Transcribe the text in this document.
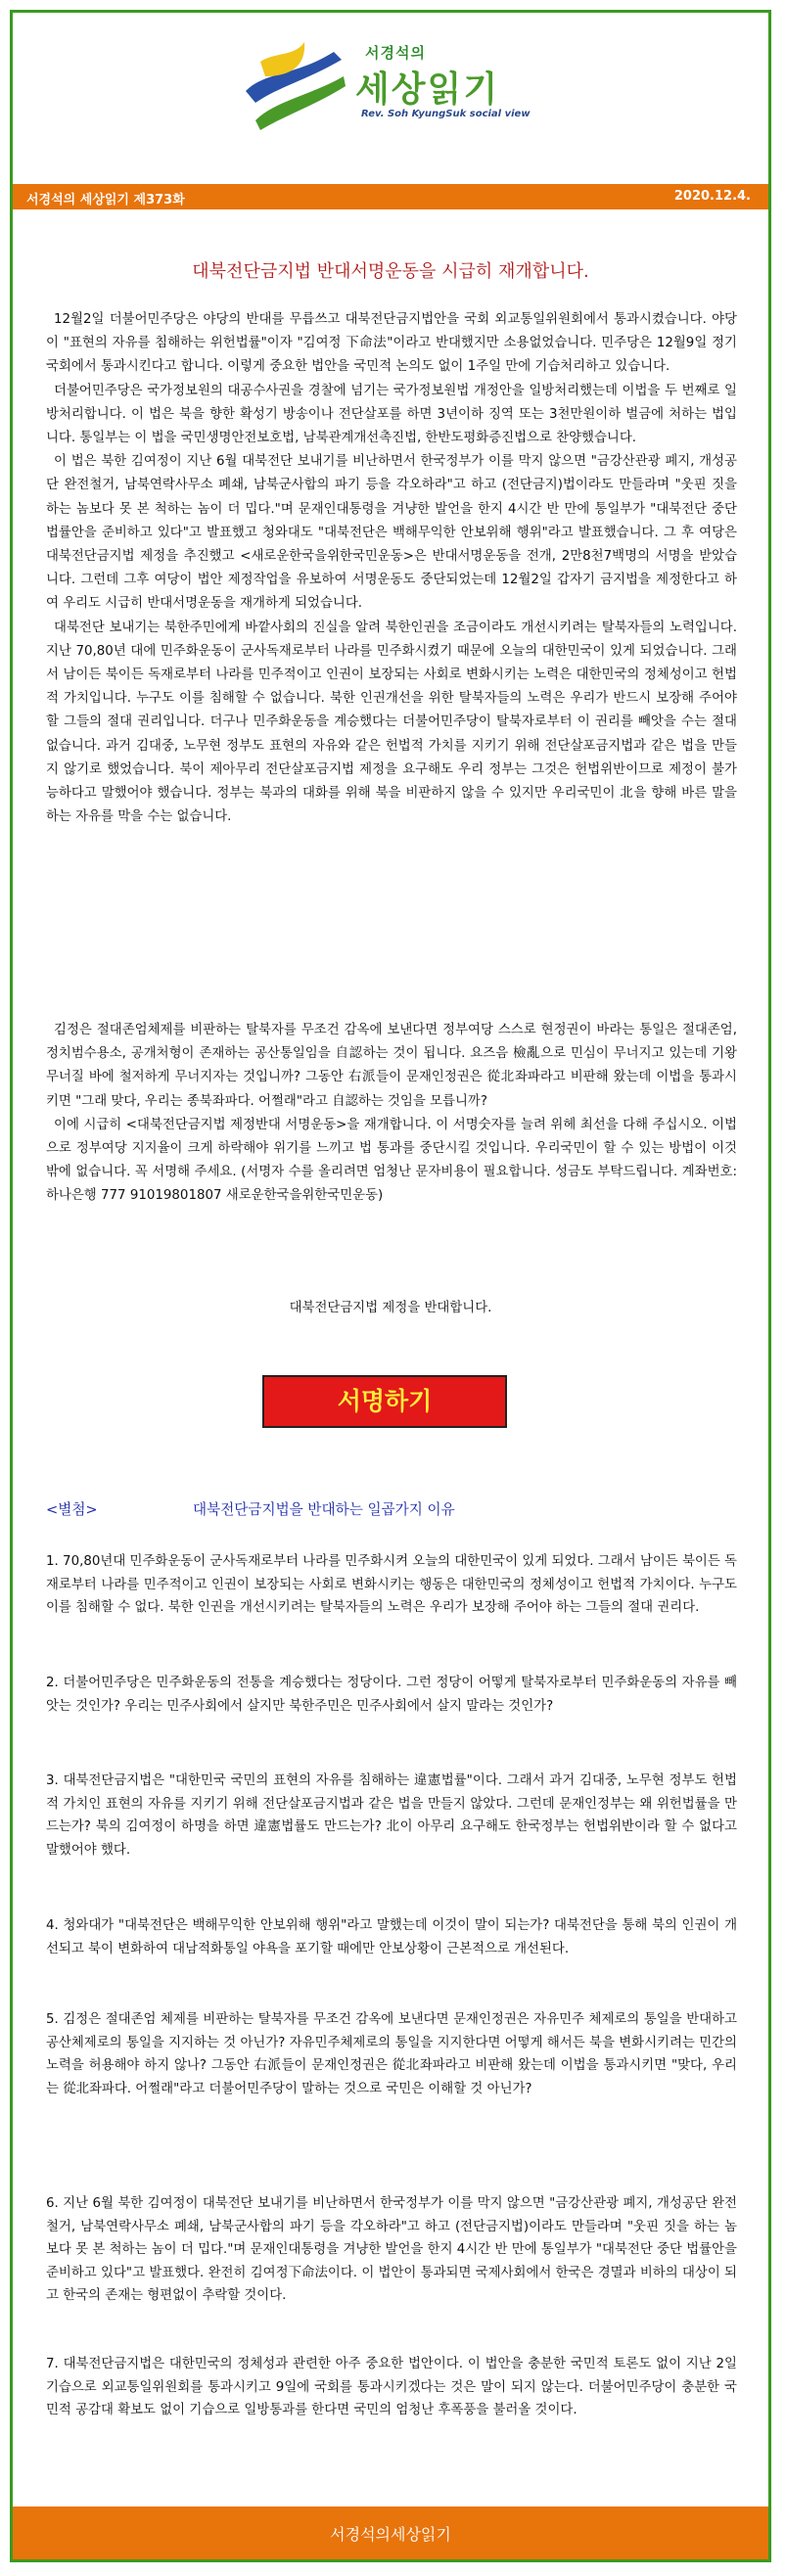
서경석의
세상읽기
Rev. Soh KyungSuk social view
서경석의 세상읽기 제373화	2020.12.4.
대북전단금지법 반대서명운동을 시급히 재개합니다.

12월2일 더불어민주당은 야당의 반대를 무릅쓰고 대북전단금지법안을 국회 외교통일위원회에서 통과시켰습니다. 야당이 "표현의 자유를 침해하는 위헌법률"이자 "김여정 下命法"이라고 반대했지만 소용없었습니다. 민주당은 12월9일 정기국회에서 통과시킨다고 합니다. 이렇게 중요한 법안을 국민적 논의도 없이 1주일 만에 기습처리하고 있습니다.

더불어민주당은 국가정보원의 대공수사권을 경찰에 넘기는 국가정보원법 개정안을 일방처리했는데 이법을 두 번째로 일방처리합니다. 이 법은 북을 향한 확성기 방송이나 전단살포를 하면 3년이하 징역 또는 3천만원이하 벌금에 처하는 법입니다. 통일부는 이 법을 국민생명안전보호법, 남북관계개선촉진법, 한반도평화증진법으로 찬양했습니다.

이 법은 북한 김여정이 지난 6월 대북전단 보내기를 비난하면서 한국정부가 이를 막지 않으면 "금강산관광 폐지, 개성공단 완전철거, 남북연락사무소 폐쇄, 남북군사합의 파기 등을 각오하라"고 하고 (전단금지)법이라도 만들라며 "웃핀 짓을 하는 놈보다 못 본 척하는 놈이 더 밉다."며 문재인대통령을 겨냥한 발언을 한지 4시간 반 만에 통일부가 "대북전단 중단 법률안을 준비하고 있다"고 발표했고 청와대도 "대북전단은 백해무익한 안보위해 행위"라고 발표했습니다. 그 후 여당은 대북전단금지법 제정을 추진했고 <새로운한국을위한국민운동>은 반대서명운동을 전개, 2만8천7백명의 서명을 받았습니다. 그런데 그후 여당이 법안 제정작업을 유보하여 서명운동도 중단되었는데 12월2일 갑자기 금지법을 제정한다고 하여 우리도 시급히 반대서명운동을 재개하게 되었습니다.

대북전단 보내기는 북한주민에게 바깥사회의 진실을 알려 북한인권을 조금이라도 개선시키려는 탈북자들의 노력입니다. 지난 70,80년 대에 민주화운동이 군사독재로부터 나라를 민주화시켰기 때문에 오늘의 대한민국이 있게 되었습니다. 그래서 남이든 북이든 독재로부터 나라를 민주적이고 인권이 보장되는 사회로 변화시키는 노력은 대한민국의 정체성이고 헌법적 가치입니다. 누구도 이를 침해할 수 없습니다. 북한 인권개선을 위한 탈북자들의 노력은 우리가 반드시 보장해 주어야 할 그들의 절대 권리입니다. 더구나 민주화운동을 계승했다는 더불어민주당이 탈북자로부터 이 권리를 빼앗을 수는 절대 없습니다. 과거 김대중, 노무현 정부도 표현의 자유와 같은 헌법적 가치를 지키기 위해 전단살포금지법과 같은 법을 만들지 않기로 했었습니다. 북이 제아무리 전단살포금지법 제정을 요구해도 우리 정부는 그것은 헌법위반이므로 제정이 불가능하다고 말했어야 했습니다. 정부는 북과의 대화를 위해 북을 비판하지 않을 수 있지만 우리국민이 北을 향해 바른 말을 하는 자유를 막을 수는 없습니다.

김정은 절대존엄체제를 비판하는 탈북자를 무조건 감옥에 보낸다면 정부여당 스스로 현정권이 바라는 통일은 절대존엄, 정치범수용소, 공개처형이 존재하는 공산통일임을 自認하는 것이 됩니다. 요즈음 檢亂으로 민심이 무너지고 있는데 기왕 무너질 바에 철저하게 무너지자는 것입니까? 그동안 右派들이 문재인정권은 從北좌파라고 비판해 왔는데 이법을 통과시키면 "그래 맞다, 우리는 종북좌파다. 어쩔래"라고 自認하는 것임을 모릅니까?

이에 시급히 <대북전단금지법 제정반대 서명운동>을 재개합니다. 이 서명숫자를 늘려 위헤 최선을 다해 주십시오. 이법으로 정부여당 지지율이 크게 하락해야 위기를 느끼고 법 통과를 중단시킬 것입니다. 우리국민이 할 수 있는 방법이 이것밖에 없습니다. 꼭 서명해 주세요. (서명자 수를 올리려면 엄청난 문자비용이 필요합니다. 성금도 부탁드립니다. 계좌번호: 하나은행 777 91019801807 새로운한국을위한국민운동)

대북전단금지법 제정을 반대합니다.
서명하기
<별첨>	대북전단금지법을 반대하는 일곱가지 이유

1. 70,80년대 민주화운동이 군사독재로부터 나라를 민주화시켜 오늘의 대한민국이 있게 되었다. 그래서 남이든 북이든 독재로부터 나라를 민주적이고 인권이 보장되는 사회로 변화시키는 행동은 대한민국의 정체성이고 헌법적 가치이다. 누구도 이를 침해할 수 없다. 북한 인권을 개선시키려는 탈북자들의 노력은 우리가 보장해 주어야 하는 그들의 절대 권리다.

2. 더불어민주당은 민주화운동의 전통을 계승했다는 정당이다. 그런 정당이 어떻게 탈북자로부터 민주화운동의 자유를 빼앗는 것인가? 우리는 민주사회에서 살지만 북한주민은 민주사회에서 살지 말라는 것인가?

3. 대북전단금지법은 "대한민국 국민의 표현의 자유를 침해하는 違憲법률"이다. 그래서 과거 김대중, 노무현 정부도 헌법적 가치인 표현의 자유를 지키기 위해 전단살포금지법과 같은 법을 만들지 않았다. 그런데 문재인정부는 왜 위헌법률을 만드는가? 북의 김여정이 하명을 하면 違憲법률도 만드는가? 北이 아무리 요구해도 한국정부는 헌법위반이라 할 수 없다고 말했어야 했다.

4. 청와대가 "대북전단은 백해무익한 안보위해 행위"라고 말했는데 이것이 말이 되는가? 대북전단을 통해 북의 인권이 개선되고 북이 변화하여 대남적화통일 야욕을 포기할 때에만 안보상황이 근본적으로 개선된다.

5. 김정은 절대존엄 체제를 비판하는 탈북자를 무조건 감옥에 보낸다면 문재인정권은 자유민주 체제로의 통일을 반대하고 공산체제로의 통일을 지지하는 것 아닌가? 자유민주체제로의 통일을 지지한다면 어떻게 해서든 북을 변화시키려는 민간의 노력을 허용해야 하지 않나? 그동안 右派들이 문재인정권은 從北좌파라고 비판해 왔는데 이법을 통과시키면 "맞다, 우리는 從北좌파다. 어쩔래"라고 더불어민주당이 말하는 것으로 국민은 이해할 것 아닌가?

6. 지난 6월 북한 김여정이 대북전단 보내기를 비난하면서 한국정부가 이를 막지 않으면 "금강산관광 폐지, 개성공단 완전철거, 남북연락사무소 폐쇄, 남북군사합의 파기 등을 각오하라"고 하고 (전단금지법)이라도 만들라며 "웃핀 짓을 하는 놈보다 못 본 척하는 놈이 더 밉다."며 문재인대통령을 겨냥한 발언을 한지 4시간 반 만에 통일부가 "대북전단 중단 법률안을 준비하고 있다"고 발표했다. 완전히 김여정下命法이다. 이 법안이 통과되면 국제사회에서 한국은 경멸과 비하의 대상이 되고 한국의 존재는 형편없이 추락할 것이다.

7. 대북전단금지법은 대한민국의 정체성과 관련한 아주 중요한 법안이다. 이 법안을 충분한 국민적 토론도 없이 지난 2일 기습으로 외교통일위원회를 통과시키고 9일에 국회를 통과시키겠다는 것은 말이 되지 않는다. 더불어민주당이 충분한 국민적 공감대 확보도 없이 기습으로 일방통과를 한다면 국민의 엄청난 후폭풍을 불러올 것이다.

서경석의세상읽기
